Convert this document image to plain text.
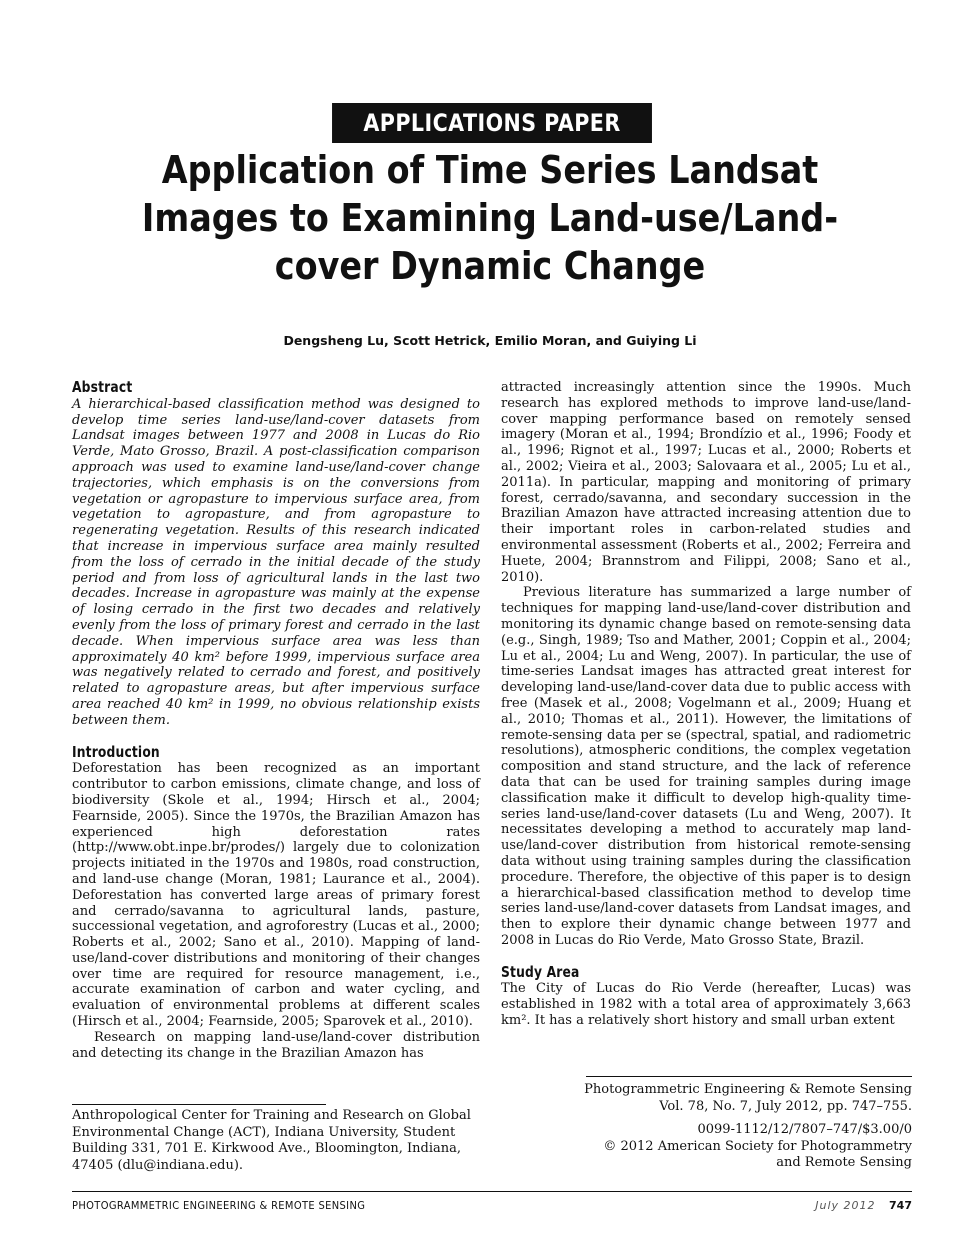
APPLICATIONS PAPER
Application of Time Series Landsat Images to Examining Land-use/Land-cover Dynamic Change
Dengsheng Lu, Scott Hetrick, Emilio Moran, and Guiying Li
Abstract

A hierarchical-based classification method was designed to develop time series land-use/land-cover datasets from Landsat images between 1977 and 2008 in Lucas do Rio Verde, Mato Grosso, Brazil. A post-classification comparison approach was used to examine land-use/land-cover change trajectories, which emphasis is on the conversions from vegetation or agropasture to impervious surface area, from vegetation to agropasture, and from agropasture to regenerating vegetation. Results of this research indicated that increase in impervious surface area mainly resulted from the loss of cerrado in the initial decade of the study period and from loss of agricultural lands in the last two decades. Increase in agropasture was mainly at the expense of losing cerrado in the first two decades and relatively evenly from the loss of primary forest and cerrado in the last decade. When impervious surface area was less than approximately 40 km² before 1999, impervious surface area was negatively related to cerrado and forest, and positively related to agropasture areas, but after impervious surface area reached 40 km² in 1999, no obvious relationship exists between them.

Introduction

Deforestation has been recognized as an important contributor to carbon emissions, climate change, and loss of biodiversity (Skole et al., 1994; Hirsch et al., 2004; Fearnside, 2005). Since the 1970s, the Brazilian Amazon has experienced high deforestation rates (http://www.obt.inpe.br/prodes/) largely due to colonization projects initiated in the 1970s and 1980s, road construction, and land-use change (Moran, 1981; Laurance et al., 2004). Deforestation has converted large areas of primary forest and cerrado/savanna to agricultural lands, pasture, successional vegetation, and agroforestry (Lucas et al., 2000; Roberts et al., 2002; Sano et al., 2010). Mapping of land-use/land-cover distributions and monitoring of their changes over time are required for resource management, i.e., accurate examination of carbon and water cycling, and evaluation of environmental problems at different scales (Hirsch et al., 2004; Fearnside, 2005; Sparovek et al., 2010).

Research on mapping land-use/land-cover distribution and detecting its change in the Brazilian Amazon has

attracted increasingly attention since the 1990s. Much research has explored methods to improve land-use/land-cover mapping performance based on remotely sensed imagery (Moran et al., 1994; Brondízio et al., 1996; Foody et al., 1996; Rignot et al., 1997; Lucas et al., 2000; Roberts et al., 2002; Vieira et al., 2003; Salovaara et al., 2005; Lu et al., 2011a). In particular, mapping and monitoring of primary forest, cerrado/savanna, and secondary succession in the Brazilian Amazon have attracted increasing attention due to their important roles in carbon-related studies and environmental assessment (Roberts et al., 2002; Ferreira and Huete, 2004; Brannstrom and Filippi, 2008; Sano et al., 2010).

Previous literature has summarized a large number of techniques for mapping land-use/land-cover distribution and monitoring its dynamic change based on remote-sensing data (e.g., Singh, 1989; Tso and Mather, 2001; Coppin et al., 2004; Lu et al., 2004; Lu and Weng, 2007). In particular, the use of time-series Landsat images has attracted great interest for developing land-use/land-cover data due to public access with free (Masek et al., 2008; Vogelmann et al., 2009; Huang et al., 2010; Thomas et al., 2011). However, the limitations of remote-sensing data per se (spectral, spatial, and radiometric resolutions), atmospheric conditions, the complex vegetation composition and stand structure, and the lack of reference data that can be used for training samples during image classification make it difficult to develop high-quality time-series land-use/land-cover datasets (Lu and Weng, 2007). It necessitates developing a method to accurately map land-use/land-cover distribution from historical remote-sensing data without using training samples during the classification procedure. Therefore, the objective of this paper is to design a hierarchical-based classification method to develop time series land-use/land-cover datasets from Landsat images, and then to explore their dynamic change between 1977 and 2008 in Lucas do Rio Verde, Mato Grosso State, Brazil.

Study Area

The City of Lucas do Rio Verde (hereafter, Lucas) was established in 1982 with a total area of approximately 3,663 km². It has a relatively short history and small urban extent

Anthropological Center for Training and Research on Global Environmental Change (ACT), Indiana University, Student Building 331, 701 E. Kirkwood Ave., Bloomington, Indiana, 47405 (dlu@indiana.edu).
Photogrammetric Engineering & Remote Sensing
Vol. 78, No. 7, July 2012, pp. 747–755.
0099-1112/12/7807–747/$3.00/0
© 2012 American Society for Photogrammetry
and Remote Sensing
PHOTOGRAMMETRIC ENGINEERING & REMOTE SENSING	July 2012 747
